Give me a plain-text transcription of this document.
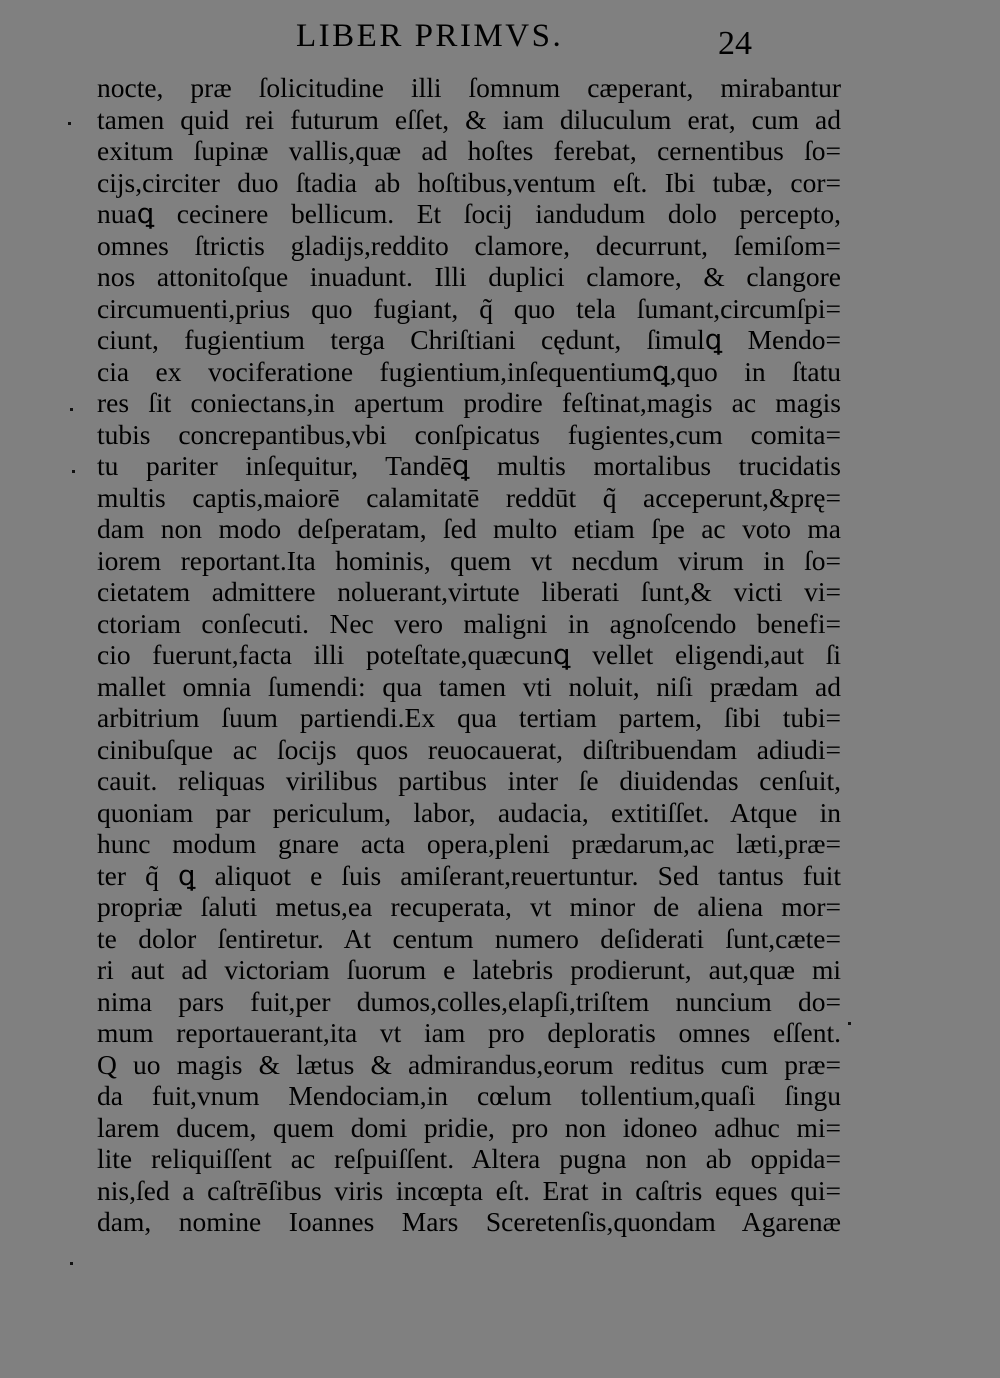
LIBER PRIMVS.	24
nocte, præ ſolicitudine illi ſomnum cæperant, mirabantur
tamen quid rei futurum eſſet, & iam diluculum erat, cum ad
exitum ſupinæ vallis,quæ ad hoſtes ferebat, cernentibus ſo=
cijs,circiter duo ſtadia ab hoſtibus,ventum eſt. Ibi tubæ, cor=
nuaꝗ cecinere bellicum. Et ſocij iandudum dolo percepto,
omnes ſtrictis gladijs,reddito clamore, decurrunt, ſemiſom=
nos attonitoſque inuadunt. Illi duplici clamore, & clangore
circumuenti,prius quo fugiant, q̃ quo tela ſumant,circumſpi=
ciunt, fugientium terga Chriſtiani cędunt, ſimulꝗ Mendo=
cia ex vociferatione fugientium,inſequentiumꝗ,quo in ſtatu
res ſit coniectans,in apertum prodire feſtinat,magis ac magis
tubis concrepantibus,vbi conſpicatus fugientes,cum comita=
tu pariter inſequitur, Tandēꝗ multis mortalibus trucidatis
multis captis,maiorē calamitatē reddūt q̃ acceperunt,&prę=
dam non modo deſperatam, ſed multo etiam ſpe ac voto ma
iorem reportant.Ita hominis, quem vt necdum virum in ſo=
cietatem admittere noluerant,virtute liberati ſunt,& victi vi=
ctoriam conſecuti. Nec vero maligni in agnoſcendo benefi=
cio fuerunt,facta illi poteſtate,quæcunꝗ vellet eligendi,aut ſi
mallet omnia ſumendi: qua tamen vti noluit, niſi prædam ad
arbitrium ſuum partiendi.Ex qua tertiam partem, ſibi tubi=
cinibuſque ac ſocijs quos reuocauerat, diſtribuendam adiudi=
cauit. reliquas virilibus partibus inter ſe diuidendas cenſuit,
quoniam par periculum, labor, audacia, extitiſſet. Atque in
hunc modum gnare acta opera,pleni prædarum,ac læti,præ=
ter q̃ ꝗ aliquot e ſuis amiſerant,reuertuntur. Sed tantus fuit
propriæ ſaluti metus,ea recuperata, vt minor de aliena mor=
te dolor ſentiretur. At centum numero deſiderati ſunt,cæte=
ri aut ad victoriam ſuorum e latebris prodierunt, aut,quæ mi
nima pars fuit,per dumos,colles,elapſi,triſtem nuncium do=
mum reportauerant,ita vt iam pro deploratis omnes eſſent.
Q uo magis & lætus & admirandus,eorum reditus cum præ=
da fuit,vnum Mendociam,in cœlum tollentium,quaſi ſingu
larem ducem, quem domi pridie, pro non idoneo adhuc mi=
lite reliquiſſent ac reſpuiſſent. Altera pugna non ab oppida=
nis,ſed a caſtrēſibus viris incœpta eſt. Erat in caſtris eques qui=
dam, nomine Ioannes Mars Sceretenſis,quondam Agarenæ
